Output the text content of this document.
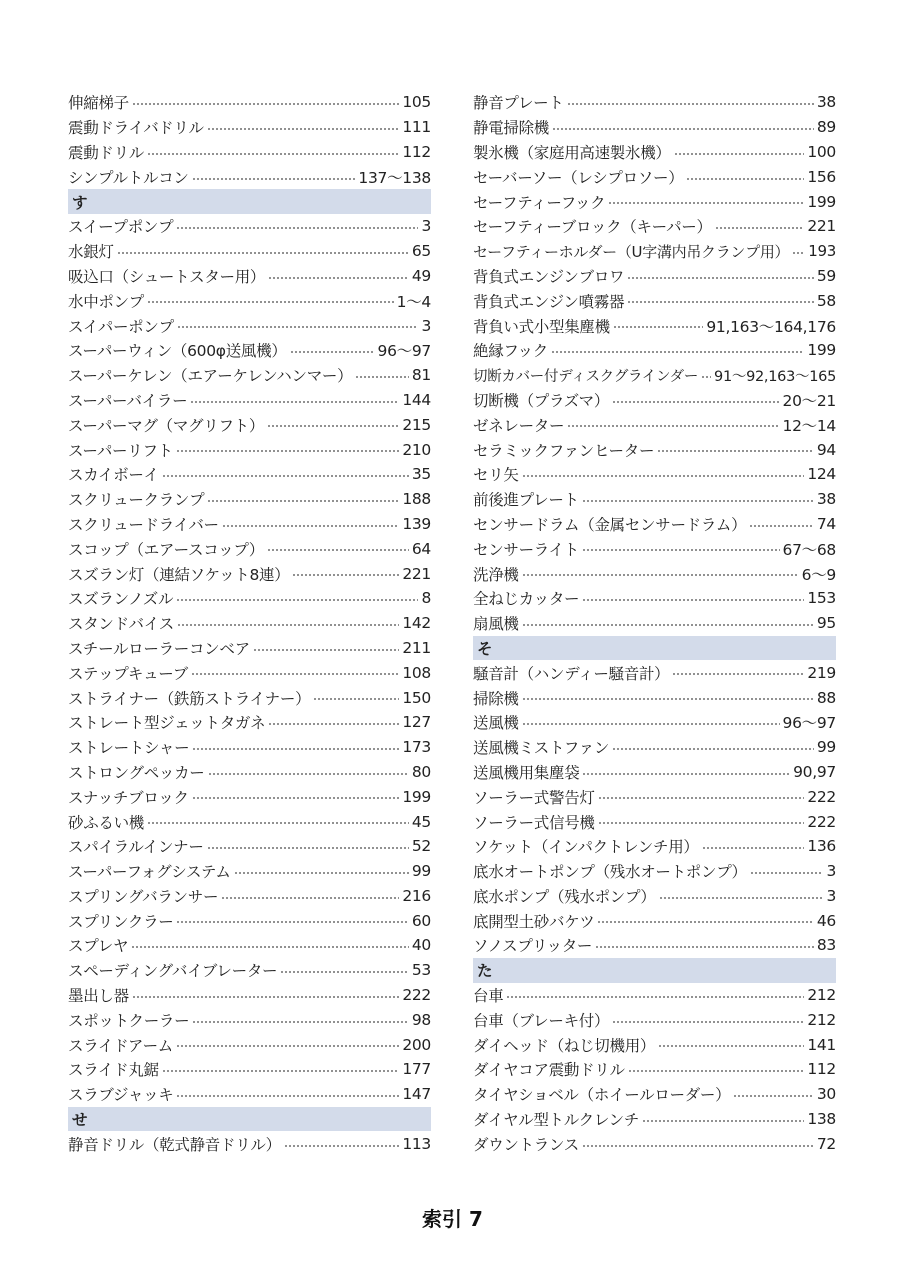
伸縮梯子	105
震動ドライバドリル	111
震動ドリル	112
シンプルトルコン	137〜138
す
スイープポンプ	3
水銀灯	65
吸込口（シュートスター用）	49
水中ポンプ	1〜4
スイパーポンプ	3
スーパーウィン（600φ送風機）	96〜97
スーパーケレン（エアーケレンハンマー）	81
スーパーバイラー	144
スーパーマグ（マグリフト）	215
スーパーリフト	210
スカイボーイ	35
スクリュークランプ	188
スクリュードライバー	139
スコップ（エアースコップ）	64
スズラン灯（連結ソケット8連）	221
スズランノズル	8
スタンドバイス	142
スチールローラーコンベア	211
ステップキューブ	108
ストライナー（鉄筋ストライナー）	150
ストレート型ジェットタガネ	127
ストレートシャー	173
ストロングペッカー	80
スナッチブロック	199
砂ふるい機	45
スパイラルインナー	52
スーパーフォグシステム	99
スプリングバランサー	216
スプリンクラー	60
スプレヤ	40
スペーディングバイブレーター	53
墨出し器	222
スポットクーラー	98
スライドアーム	200
スライド丸鋸	177
スラブジャッキ	147
せ
静音ドリル（乾式静音ドリル）	113
静音プレート	38
静電掃除機	89
製氷機（家庭用高速製氷機）	100
セーバーソー（レシプロソー）	156
セーフティーフック	199
セーフティーブロック（キーパー）	221
セーフティーホルダー（U字溝内吊クランプ用） 193
背負式エンジンブロワ	59
背負式エンジン噴霧器	58
背負い式小型集塵機	91,163〜164,176
絶縁フック	199
切断カバー付ディスクグラインダー 91〜92,163〜165
切断機（プラズマ）	20〜21
ゼネレーター	12〜14
セラミックファンヒーター	94
セリ矢	124
前後進プレート	38
センサードラム（金属センサードラム）	74
センサーライト	67〜68
洗浄機	6〜9
全ねじカッター	153
扇風機	95
そ
騒音計（ハンディー騒音計）	219
掃除機	88
送風機	96〜97
送風機ミストファン	99
送風機用集塵袋	90,97
ソーラー式警告灯	222
ソーラー式信号機	222
ソケット（インパクトレンチ用）	136
底水オートポンプ（残水オートポンプ）	3
底水ポンプ（残水ポンプ）	3
底開型土砂バケツ	46
ソノスプリッター	83
た
台車	212
台車（ブレーキ付）	212
ダイヘッド（ねじ切機用）	141
ダイヤコア震動ドリル	112
タイヤショベル（ホイールローダー）	30
ダイヤル型トルクレンチ	138
ダウントランス	72
索引 7
